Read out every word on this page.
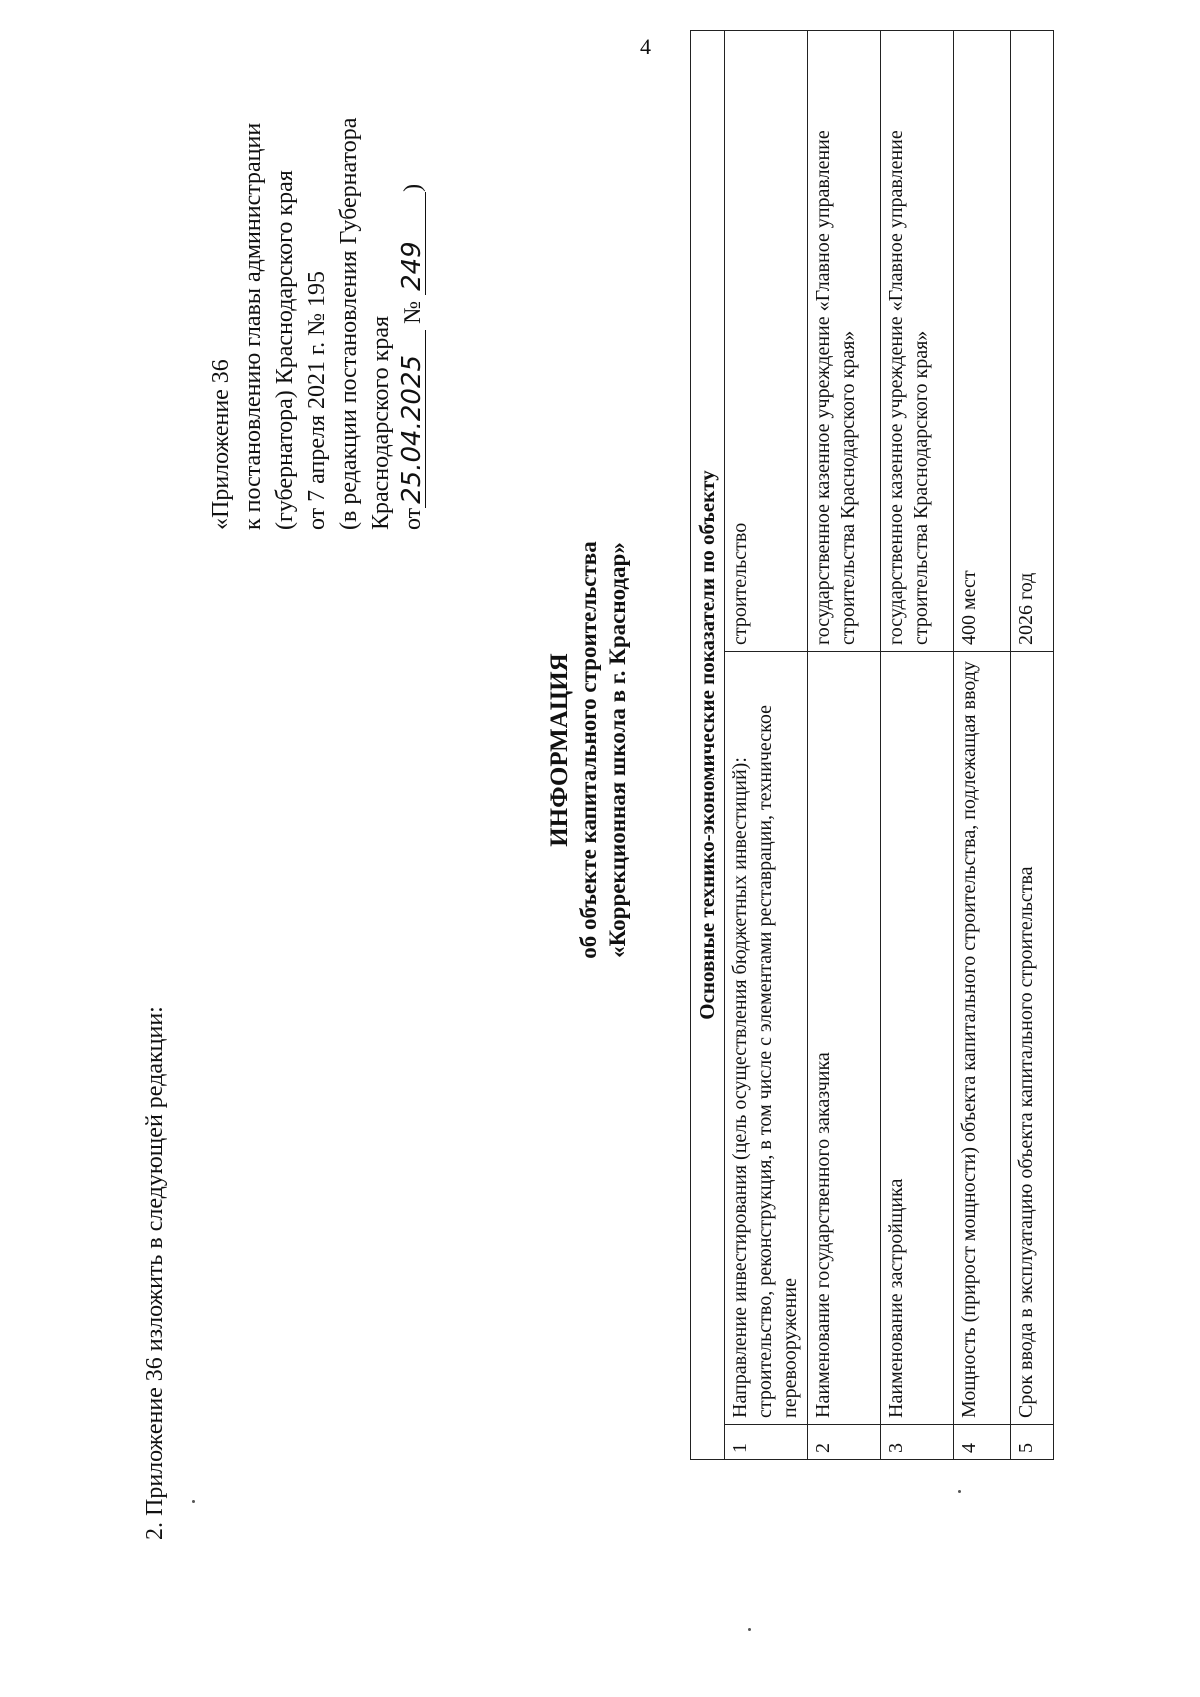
4
2. Приложение 36 изложить в следующей редакции:
«Приложение 36 к постановлению главы администрации (губернатора) Краснодарского края от 7 апреля 2021 г. № 195 (в редакции постановления Губернатора Краснодарского края от25.04.2025 № 249)
ИНФОРМАЦИЯ об объекте капитального строительства «Коррекционная школа в г. Краснодар»	Основные технико-экономические показатели по объекту		
1	Направление инвестирования (цель осуществления бюджетных инвестиций): строительство, реконструкция, в том числе с элементами реставрации, техническое перевооружение	строительство
2	Наименование государственного заказчика	государственное казенное учреждение «Главное управление строительства Краснодарского края»
3	Наименование застройщика	государственное казенное учреждение «Главное управление строительства Краснодарского края»
4	Мощность (прирост мощности) объекта капитального строительства, подлежащая вводу	400 мест
5	Срок ввода в эксплуатацию объекта капитального строительства	2026 год
